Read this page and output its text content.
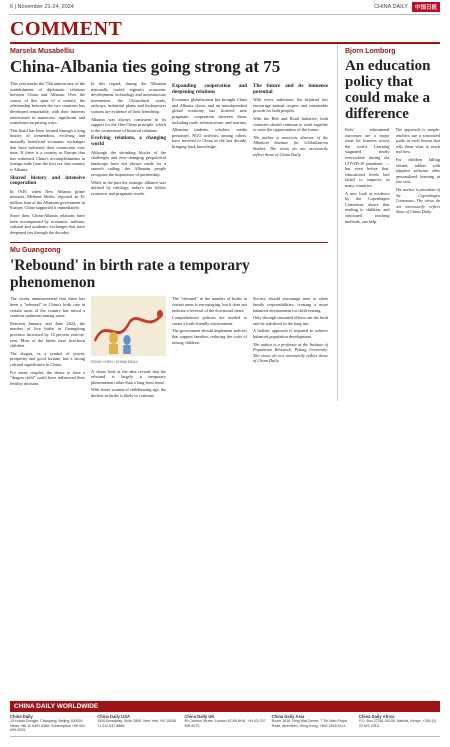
6 | November 21-24, 2024	CHINA DAILY	中国日报
COMMENT
Marsela Musabelliu
China-Albania ties going strong at 75

This year marks the 75th anniversary of the establishment of diplomatic relations between China and Albania. Over the course of this span of a century, the relationship between the two countries has developed remarkably, with their interests intertwined in numerous, significant and sometimes surprising ways.

This bond has been formed through a long history of tremendous, evolving and mutually beneficial economic exchanges that have bolstered their connection over time. If there is a country in Europe that has witnessed China's accomplishments in foreign trade from the first era, that country is Albania.

Shared history and intensive cooperation

In 1949, when New Albania prime minister, Mehmet Shehu, reported an $1 million loan of the Albanian government in Europe, China supported it immediately.

Since then, China-Albania relations have been accompanied by economic, military, cultural and academic exchanges that have deepened ties through the decades.

In this regard, during the Albanian nationally rooted regime's economic development, technology and infrastructure investment, the China-built roads, railways, industrial plants and hydropower stations are evidence of their friendship.

Albania was always consistent in its support for the One-China principle, which is the cornerstone of bilateral relations.

Evolving relations, a changing world

Although the shrinking blocks of the challenges and ever-changing geopolitical landscape have not always made for a smooth sailing, the Albanian people recognize the importance of partnership.

While in the past the strategic alliance was defined by ideology, today's ties follow economic and pragmatic needs.

Expanding cooperation and deepening relations

Economic globalization has brought China and Albania closer, and an interdependent global economy has fostered new pragmatic cooperation between them, including trade, infrastructure, and tourism.

Albanian students, scholars, media personnel, NGO activists, among others, have traveled to China in the last decade, bringing back knowledge.

The future and its immense potential

With every milestone, the bilateral ties encourage mutual respect and sustainable growth for both peoples.

With the Belt and Road Initiative, both countries should continue to work together to seize the opportunities of the future.

The author is associate director of the Albanian Institute for Globalization Studies. The views do not necessarily reflect those of China Daily.

Mu Guangzong
'Rebound' in birth rate a temporary phenomenon

The recent announcement that there has been a "rebound" in China's birth rate in certain areas of the country has raised a cautious optimism among some.

Between January and June 2024, the number of live births in Guangdong province increased by 14 percent year-on-year. Most of the births were first-born children.

The dragon, as a symbol of power, prosperity and good fortune, has a strong cultural significance in China.

For many couples, the desire to have a "dragon child" could have influenced their fertility decision.

SONG CHEN / CHINA DAILY

A closer look at the data reveals that the rebound is largely a temporary phenomenon rather than a long-term trend.

With fewer women of childbearing age, the decline in births is likely to continue.

The "rebound" in the number of births in certain areas is encouraging, but it does not indicate a reversal of the downward trend.

Comprehensive policies are needed to create a birth-friendly environment.

The government should implement policies that support families, reducing the costs of raising children.

Society should encourage men to share family responsibilities, creating a more balanced environment for child-rearing.

Only through sustained efforts can the birth rate be stabilized in the long run.

A holistic approach is required to achieve balanced population development.

The author is a professor at the Institute of Population Research, Peking University. The views do not necessarily reflect those of China Daily.

Bjorn Lomborg
An education policy that could make a difference

Kids' educational outcomes are a major issue for learners across the world. Learning stagnated nearly everywhere during the COVID-19 pandemic — but even before that, educational levels had failed to improve in many countries.

A new look at evidence by the Copenhagen Consensus shows that reading to children, and structured teaching methods, can help.

The approach is simple: teachers use a structured guide in each lesson that tells them what to teach and how.

For children falling behind, tablets with adaptive software offer personalized learning at low cost.

The author is president of the Copenhagen Consensus. The views do not necessarily reflect those of China Daily.

CHINA DAILY WORLDWIDE
China Daily
15 Huixin Dongjie, Chaoyang, Beijing 100029. News +86 10 6491 8366; Subscription +86 400 699 0203.
China Daily USA
1500 Broadway, Suite 2800, New York, NY 10036. +1 212 537 8888.
China Daily UK
90 Cannon Street, London EC4N 6HA. +44 (0) 207 398 8270.
China Daily Asia
Room 1818, Hing Wai Centre, 7 Tin Wan Praya Road, Aberdeen, Hong Kong. +852 2518 5111.
China Daily Africa
P.O. Box 27281-00100, Nairobi, Kenya. +254 (0) 20 522 2010.
